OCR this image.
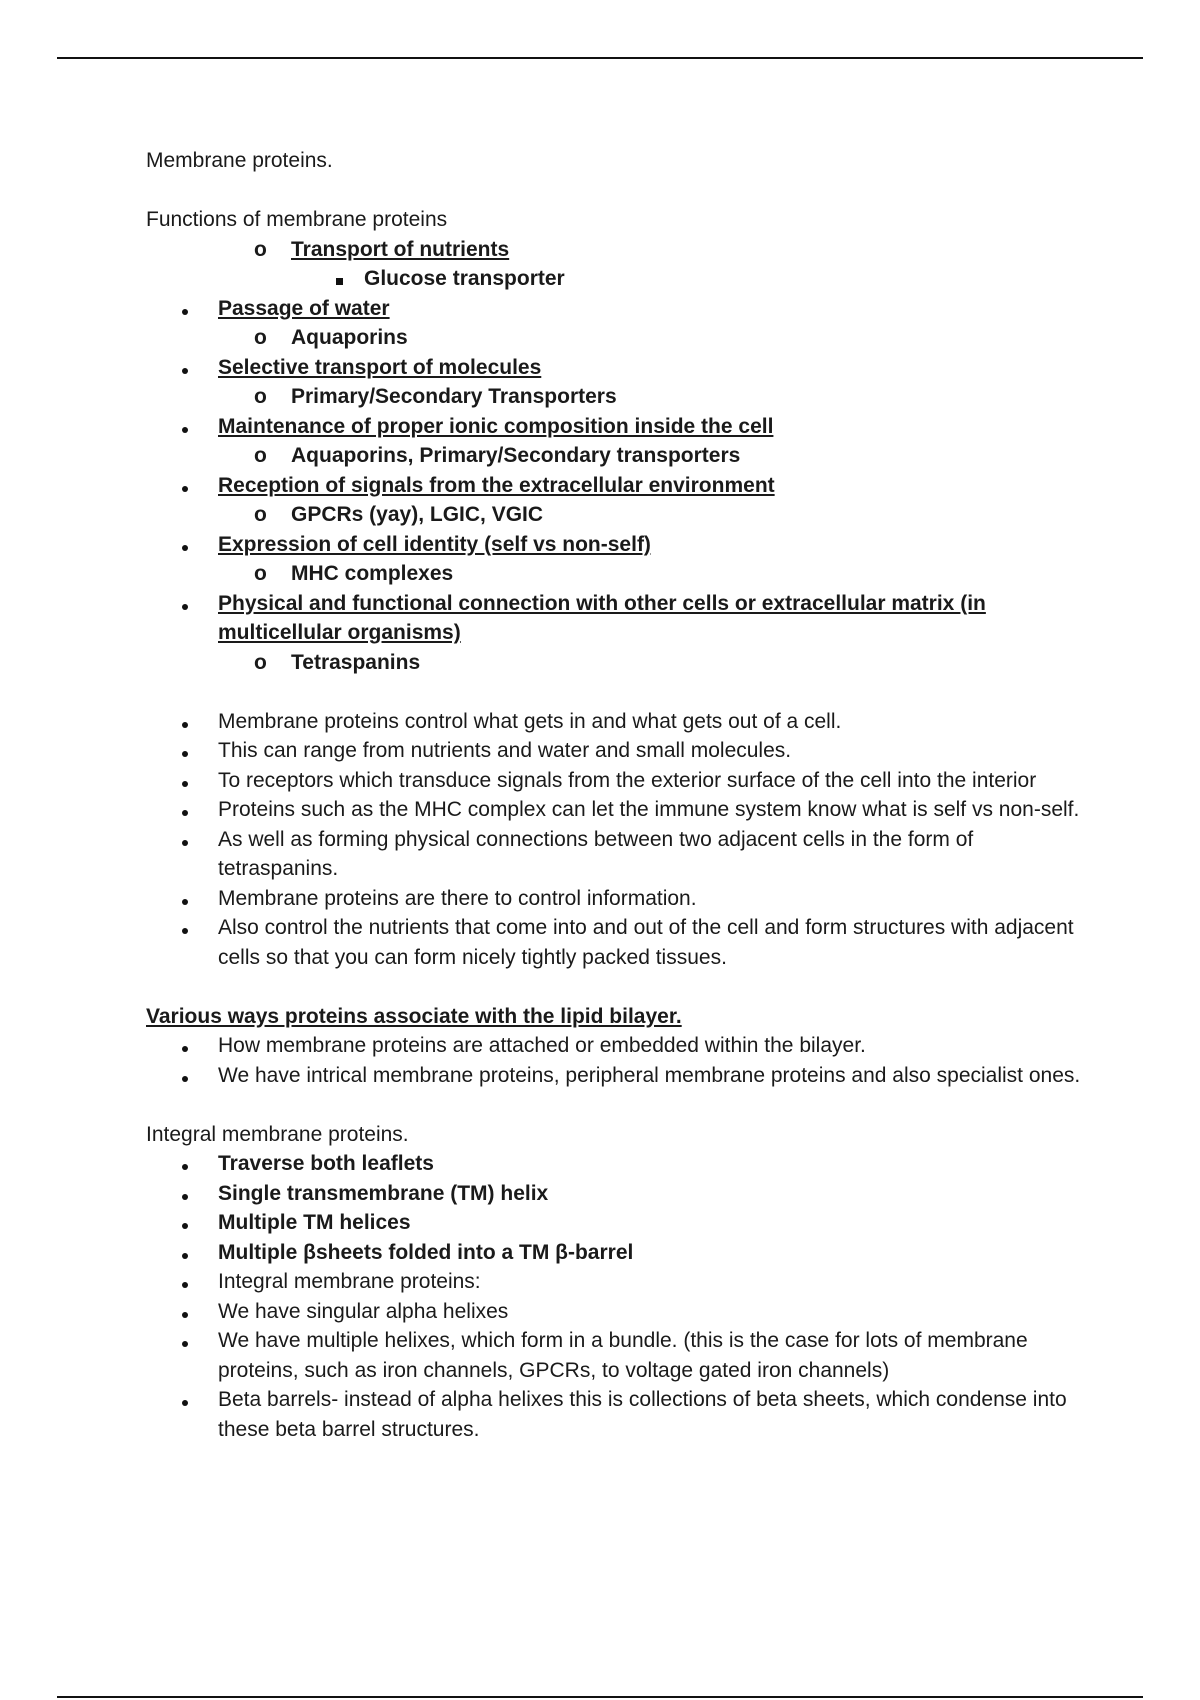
Membrane proteins.

Functions of membrane proteins

o Transport of nutrients
Glucose transporter
Passage of water
o Aquaporins
Selective transport of molecules
o Primary/Secondary Transporters
Maintenance of proper ionic composition inside the cell
o Aquaporins, Primary/Secondary transporters
Reception of signals from the extracellular environment
o GPCRs (yay), LGIC, VGIC
Expression of cell identity (self vs non-self)
o MHC complexes
Physical and functional connection with other cells or extracellular matrix (in multicellular organisms)
o Tetraspanins
Membrane proteins control what gets in and what gets out of a cell.
This can range from nutrients and water and small molecules.
To receptors which transduce signals from the exterior surface of the cell into the interior
Proteins such as the MHC complex can let the immune system know what is self vs non-self.
As well as forming physical connections between two adjacent cells in the form of tetraspanins.
Membrane proteins are there to control information.
Also control the nutrients that come into and out of the cell and form structures with adjacent cells so that you can form nicely tightly packed tissues.

Various ways proteins associate with the lipid bilayer.

How membrane proteins are attached or embedded within the bilayer.
We have intrical membrane proteins, peripheral membrane proteins and also specialist ones.

Integral membrane proteins.

Traverse both leaflets
Single transmembrane (TM) helix
Multiple TM helices
Multiple βsheets folded into a TM β-barrel
Integral membrane proteins:
We have singular alpha helixes
We have multiple helixes, which form in a bundle. (this is the case for lots of membrane proteins, such as iron channels, GPCRs, to voltage gated iron channels)
Beta barrels- instead of alpha helixes this is collections of beta sheets, which condense into these beta barrel structures.
